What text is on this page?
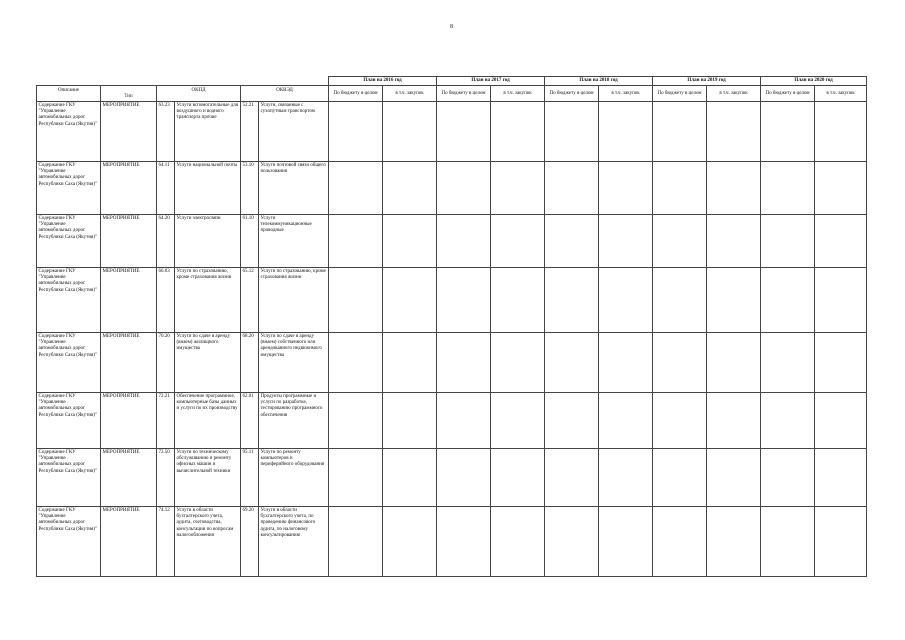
8
						План на 2016 год		План на 2017 год		План на 2018 год		План на 2019 год		План на 2020 год	

Описание	Тип	ОКПД		ОКВЭД		По бюджету в целом	в т.ч. закупок	По бюджету в целом	в т.ч. закупок	По бюджету в целом	в т.ч. закупок	По бюджету в целом	в т.ч. закупок	По бюджету в целом	в т.ч. закупок
Содержание ГКУ "Управление автомобильных дорог Республики Саха (Якутия)"	МЕРОПРИЯТИЕ	63.23	Услуги вспомогательные для воздушного и водного транспорта прочие	52.21	Услуги, связанные с сухопутным транспортом										
Содержание ГКУ "Управление автомобильных дорог Республики Саха (Якутия)"	МЕРОПРИЯТИЕ	64.11	Услуги национальной почты	53.10	Услуги почтовой связи общего пользования										
Содержание ГКУ "Управление автомобильных дорог Республики Саха (Якутия)"	МЕРОПРИЯТИЕ	64.20	Услуги электросвязи	61.10	Услуги телекоммуникационные проводные										
Содержание ГКУ "Управление автомобильных дорог Республики Саха (Якутия)"	МЕРОПРИЯТИЕ	66.03	Услуги по страхованию, кроме страхования жизни	65.12	Услуги по страхованию, кроме страхования жизни										
Содержание ГКУ "Управление автомобильных дорог Республики Саха (Якутия)"	МЕРОПРИЯТИЕ	70.20	Услуги по сдаче в аренду (внаем) жилищного имущества	68.20	Услуги по сдаче в аренду (внаем) собственного или арендованного недвижимого имущества										
Содержание ГКУ "Управление автомобильных дорог Республики Саха (Якутия)"	МЕРОПРИЯТИЕ	72.21	Обеспечение программное, компьютерные базы данных и услуги по их производству	62.01	Продукты программные и услуги по разработке, тестированию программного обеспечения										
Содержание ГКУ "Управление автомобильных дорог Республики Саха (Якутия)"	МЕРОПРИЯТИЕ	72.50	Услуги по техническому обслуживанию и ремонту офисных машин и вычислительной техники	95.11	Услуги по ремонту компьютеров и периферийного оборудования										
Содержание ГКУ "Управление автомобильных дорог Республики Саха (Якутия)"	МЕРОПРИЯТИЕ	74.12	Услуги в области бухгалтерского учета, аудита, счетоводства, консультации по вопросам налогообложения	69.20	Услуги в области бухгалтерского учета, по проведению финансового аудита, по налоговому консультированию										
